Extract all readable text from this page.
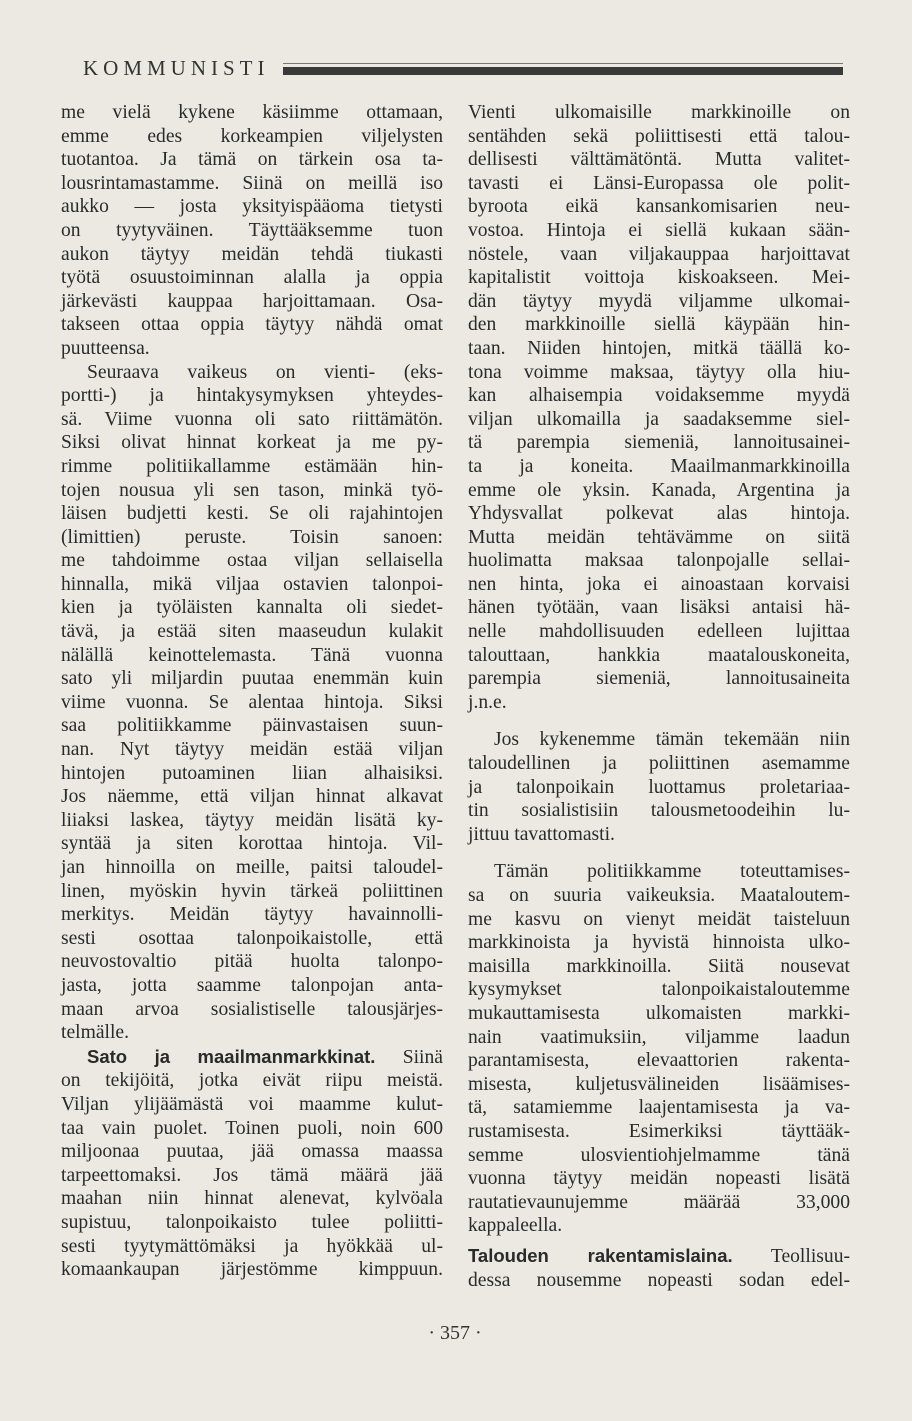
KOMMUNISTI
me vielä kykene käsiimme ottamaan,
emme edes korkeampien viljelysten
tuotantoa. Ja tämä on tärkein osa ta-
lousrintamastamme. Siinä on meillä iso
aukko — josta yksityispääoma tietysti
on tyytyväinen. Täyttääksemme tuon
aukon täytyy meidän tehdä tiukasti
työtä osuustoiminnan alalla ja oppia
järkevästi kauppaa harjoittamaan. Osa-
takseen ottaa oppia täytyy nähdä omat
puutteensa.
Seuraava vaikeus on vienti- (eks-
portti-) ja hintakysymyksen yhteydes-
sä. Viime vuonna oli sato riittämätön.
Siksi olivat hinnat korkeat ja me py-
rimme politiikallamme estämään hin-
tojen nousua yli sen tason, minkä työ-
läisen budjetti kesti. Se oli rajahintojen
(limittien) peruste. Toisin sanoen:
me tahdoimme ostaa viljan sellaisella
hinnalla, mikä viljaa ostavien talonpoi-
kien ja työläisten kannalta oli siedet-
tävä, ja estää siten maaseudun kulakit
nälällä keinottelemasta. Tänä vuonna
sato yli miljardin puutaa enemmän kuin
viime vuonna. Se alentaa hintoja. Siksi
saa politiikkamme päinvastaisen suun-
nan. Nyt täytyy meidän estää viljan
hintojen putoaminen liian alhaisiksi.
Jos näemme, että viljan hinnat alkavat
liiaksi laskea, täytyy meidän lisätä ky-
syntää ja siten korottaa hintoja. Vil-
jan hinnoilla on meille, paitsi taloudel-
linen, myöskin hyvin tärkeä poliittinen
merkitys. Meidän täytyy havainnolli-
sesti osottaa talonpoikaistolle, että
neuvostovaltio pitää huolta talonpo-
jasta, jotta saamme talonpojan anta-
maan arvoa sosialistiselle talousjärjes-
telmälle.
Sato ja maailmanmarkkinat. Siinä
on tekijöitä, jotka eivät riipu meistä.
Viljan ylijäämästä voi maamme kulut-
taa vain puolet. Toinen puoli, noin 600
miljoonaa puutaa, jää omassa maassa
tarpeettomaksi. Jos tämä määrä jää
maahan niin hinnat alenevat, kylvöala
supistuu, talonpoikaisto tulee poliitti-
sesti tyytymättömäksi ja hyökkää ul-
komaankaupan järjestömme kimppuun.
Vienti ulkomaisille markkinoille on
sentähden sekä poliittisesti että talou-
dellisesti välttämätöntä. Mutta valitet-
tavasti ei Länsi-Europassa ole polit-
byroota eikä kansankomisarien neu-
vostoa. Hintoja ei siellä kukaan sään-
nöstele, vaan viljakauppaa harjoittavat
kapitalistit voittoja kiskoakseen. Mei-
dän täytyy myydä viljamme ulkomai-
den markkinoille siellä käypään hin-
taan. Niiden hintojen, mitkä täällä ko-
tona voimme maksaa, täytyy olla hiu-
kan alhaisempia voidaksemme myydä
viljan ulkomailla ja saadaksemme siel-
tä parempia siemeniä, lannoitusainei-
ta ja koneita. Maailmanmarkkinoilla
emme ole yksin. Kanada, Argentina ja
Yhdysvallat polkevat alas hintoja.
Mutta meidän tehtävämme on siitä
huolimatta maksaa talonpojalle sellai-
nen hinta, joka ei ainoastaan korvaisi
hänen työtään, vaan lisäksi antaisi hä-
nelle mahdollisuuden edelleen lujittaa
talouttaan, hankkia maatalouskoneita,
parempia siemeniä, lannoitusaineita
j.n.e.
Jos kykenemme tämän tekemään niin
taloudellinen ja poliittinen asemamme
ja talonpoikain luottamus proletariaa-
tin sosialistisiin talousmetoodeihin lu-
jittuu tavattomasti.
Tämän politiikkamme toteuttamises-
sa on suuria vaikeuksia. Maataloutem-
me kasvu on vienyt meidät taisteluun
markkinoista ja hyvistä hinnoista ulko-
maisilla markkinoilla. Siitä nousevat
kysymykset talonpoikaistaloutemme
mukauttamisesta ulkomaisten markki-
nain vaatimuksiin, viljamme laadun
parantamisesta, elevaattorien rakenta-
misesta, kuljetusvälineiden lisäämises-
tä, satamiemme laajentamisesta ja va-
rustamisesta. Esimerkiksi täyttääk-
semme ulosvientiohjelmamme tänä
vuonna täytyy meidän nopeasti lisätä
rautatievaunujemme määrää 33,000
kappaleella.
Talouden rakentamislaina. Teollisuu-
dessa nousemme nopeasti sodan edel-
· 357 ·
